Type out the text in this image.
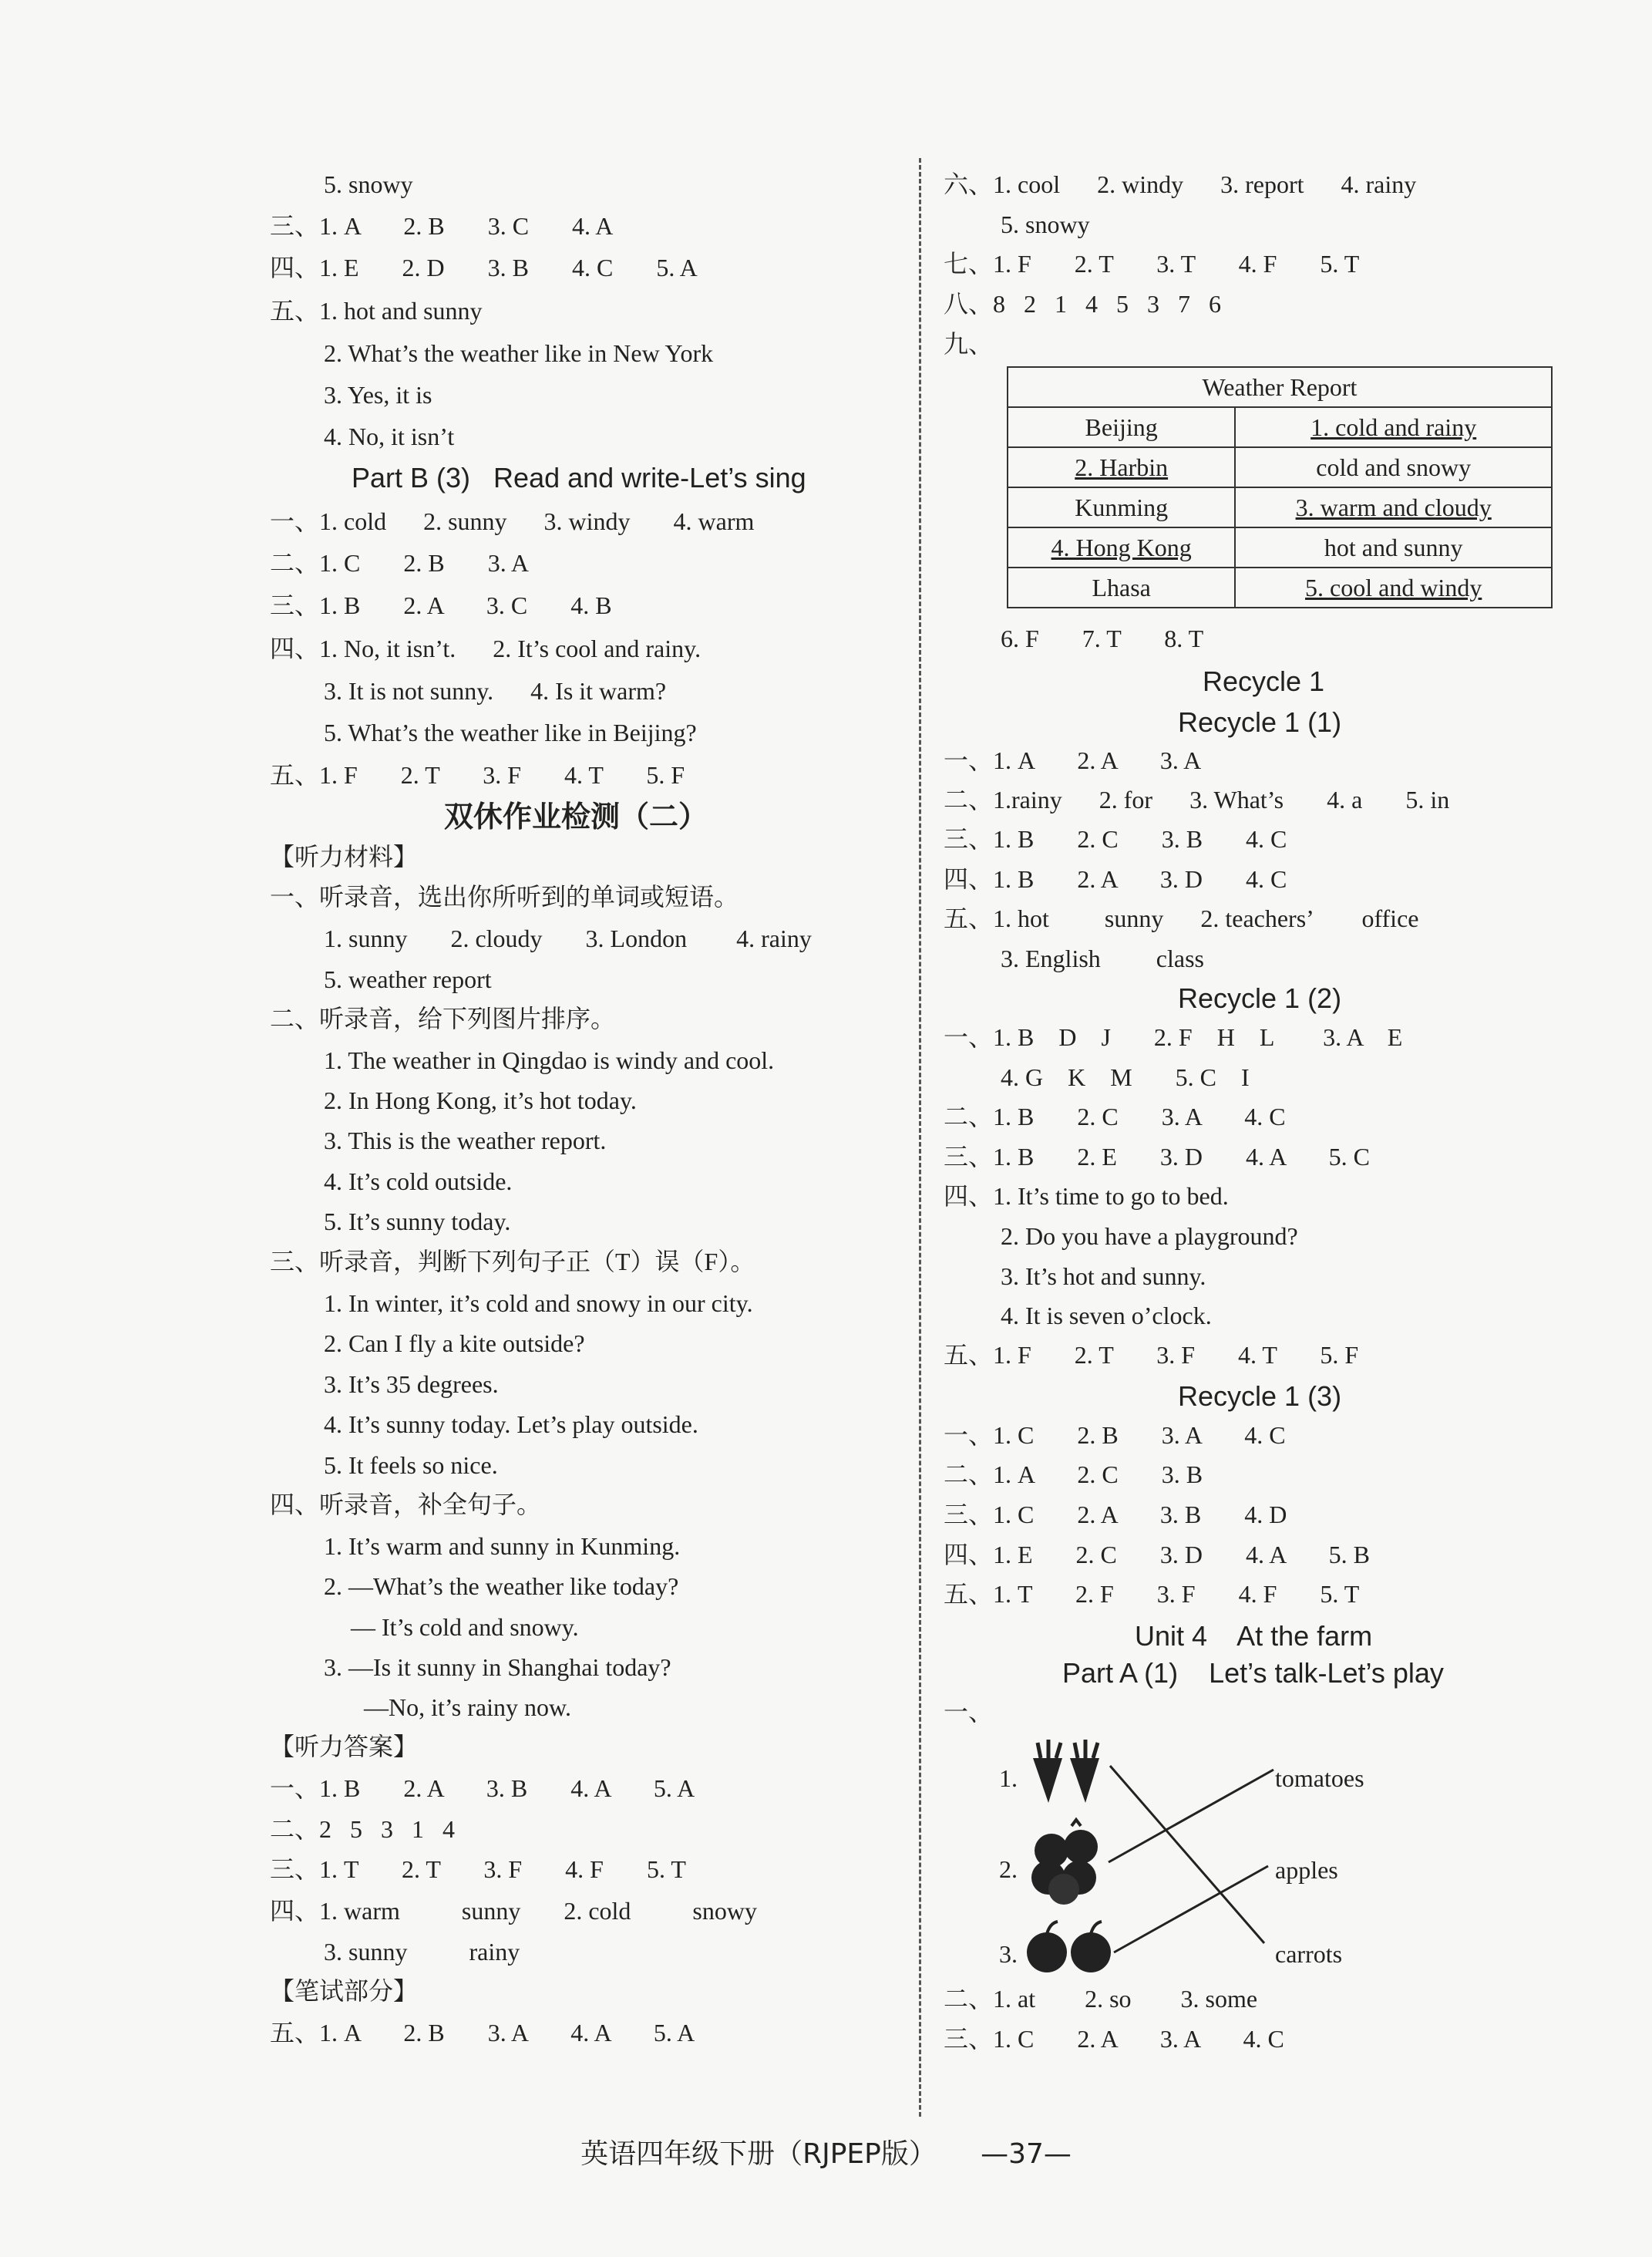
5. snowy
三、1. A       2. B       3. C       4. A
四、1. E       2. D       3. B       4. C       5. A
五、1. hot and sunny
2. What’s the weather like in New York
3. Yes, it is
4. No, it isn’t
Part B (3)   Read and write-Let’s sing
一、1. cold      2. sunny      3. windy       4. warm
二、1. C       2. B       3. A
三、1. B       2. A       3. C       4. B
四、1. No, it isn’t.      2. It’s cool and rainy.
3. It is not sunny.      4. Is it warm?
5. What’s the weather like in Beijing?
五、1. F       2. T       3. F       4. T       5. F
双休作业检测（二）
【听力材料】
一、听录音，选出你所听到的单词或短语。
1. sunny       2. cloudy       3. London        4. rainy
5. weather report
二、听录音，给下列图片排序。
1. The weather in Qingdao is windy and cool.
2. In Hong Kong, it’s hot today.
3. This is the weather report.
4. It’s cold outside.
5. It’s sunny today.
三、听录音，判断下列句子正（T）误（F）。
1. In winter, it’s cold and snowy in our city.
2. Can I fly a kite outside?
3. It’s 35 degrees.
4. It’s sunny today. Let’s play outside.
5. It feels so nice.
四、听录音，补全句子。
1. It’s warm and sunny in Kunming.
2. —What’s the weather like today?
— It’s cold and snowy.
3. —Is it sunny in Shanghai today?
—No, it’s rainy now.
【听力答案】
一、1. B       2. A       3. B       4. A       5. A
二、2   5   3   1   4
三、1. T       2. T       3. F       4. F       5. T
四、1. warm          sunny       2. cold          snowy
3. sunny          rainy
【笔试部分】
五、1. A       2. B       3. A       4. A       5. A
六、1. cool      2. windy      3. report      4. rainy
5. snowy
七、1. F       2. T       3. T       4. F       5. T
八、8   2   1   4   5   3   7   6
九、
Weather Report	
Beijing	1. cold and rainy
2. Harbin	cold and snowy
Kunming	3. warm and cloudy
4. Hong Kong	hot and sunny
Lhasa	5. cool and windy
6. F       7. T       8. T
Recycle 1
Recycle 1 (1)
一、1. A       2. A       3. A
二、1.rainy      2. for      3. What’s       4. a       5. in
三、1. B       2. C       3. B       4. C
四、1. B       2. A       3. D       4. C
五、1. hot         sunny      2. teachers’        office
3. English         class
Recycle 1 (2)
一、1. B    D    J       2. F    H    L        3. A    E
4. G    K    M       5. C    I
二、1. B       2. C       3. A       4. C
三、1. B       2. E       3. D       4. A       5. C
四、1. It’s time to go to bed.
2. Do you have a playground?
3. It’s hot and sunny.
4. It is seven o’clock.
五、1. F       2. T       3. F       4. T       5. F
Recycle 1 (3)
一、1. C       2. B       3. A       4. C
二、1. A       2. C       3. B
三、1. C       2. A       3. B       4. D
四、1. E       2. C       3. D       4. A       5. B
五、1. T       2. F       3. F       4. F       5. T
Unit 4    At the farm
Part A (1)    Let’s talk-Let’s play
一、
1.
2.
3.
tomatoes
apples
carrots
二、1. at        2. so        3. some
三、1. C       2. A       3. A       4. C
英语四年级下册（RJPEP版） —37—
